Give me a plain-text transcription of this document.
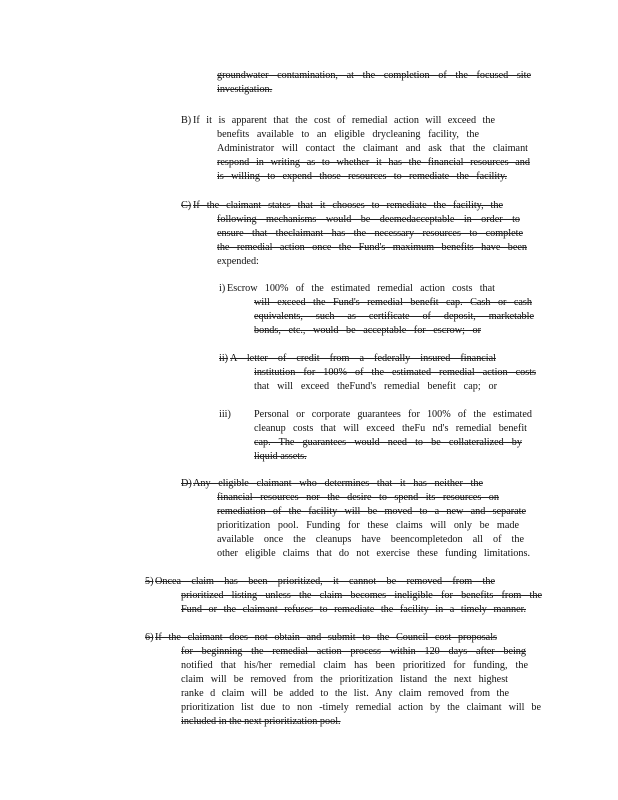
groundwater contamination, at the completion of the focused site
investigation.
B) If it is apparent that the cost of remedial action will exceed the
benefits available to an eligible drycleaning facility, the
Administrator will contact the claimant and ask that the claimant
respond in writing as to whether it has the financial resources and
is willing to expend those resources to remediate the facility.
C) If the claimant states that it chooses to remediate the facility, the
following mechanisms would be deemedacceptable in order to
ensure that theclaimant has the necessary resources to complete
the remedial action once the Fund's maximum benefits have been
expended:
i) Escrow 100% of the estimated remedial action costs that
will exceed the Fund's remedial benefit cap. Cash or cash
equivalents, such as certificate of deposit, marketable
bonds, etc., would be acceptable for escrow; or
ii) A letter of credit from a federally insured financial
institution for 100% of the estimated remedial action costs
that will exceed theFund's remedial benefit cap; or
iii) Personal or corporate guarantees for 100% of the estimated
cleanup costs that will exceed theFu nd's remedial benefit
cap. The guarantees would need to be collateralized by
liquid assets.
D) Any eligible claimant who determines that it has neither the
financial resources nor the desire to spend its resources on
remediation of the facility will be moved to a new and separate
prioritization pool. Funding for these claims will only be made
available once the cleanups have beencompletedon all of the
other eligible claims that do not exercise these funding limitations.
5) Oncea claim has been prioritized, it cannot be removed from the
prioritized listing unless the claim becomes ineligible for benefits from the
Fund or the claimant refuses to remediate the facility in a timely manner.
6) If the claimant does not obtain and submit to the Council cost proposals
for beginning the remedial action process within 120 days after being
notified that his/her remedial claim has been prioritized for funding, the
claim will be removed from the prioritization listand the next highest
ranke d claim will be added to the list. Any claim removed from the
prioritization list due to non -timely remedial action by the claimant will be
included in the next prioritization pool.
